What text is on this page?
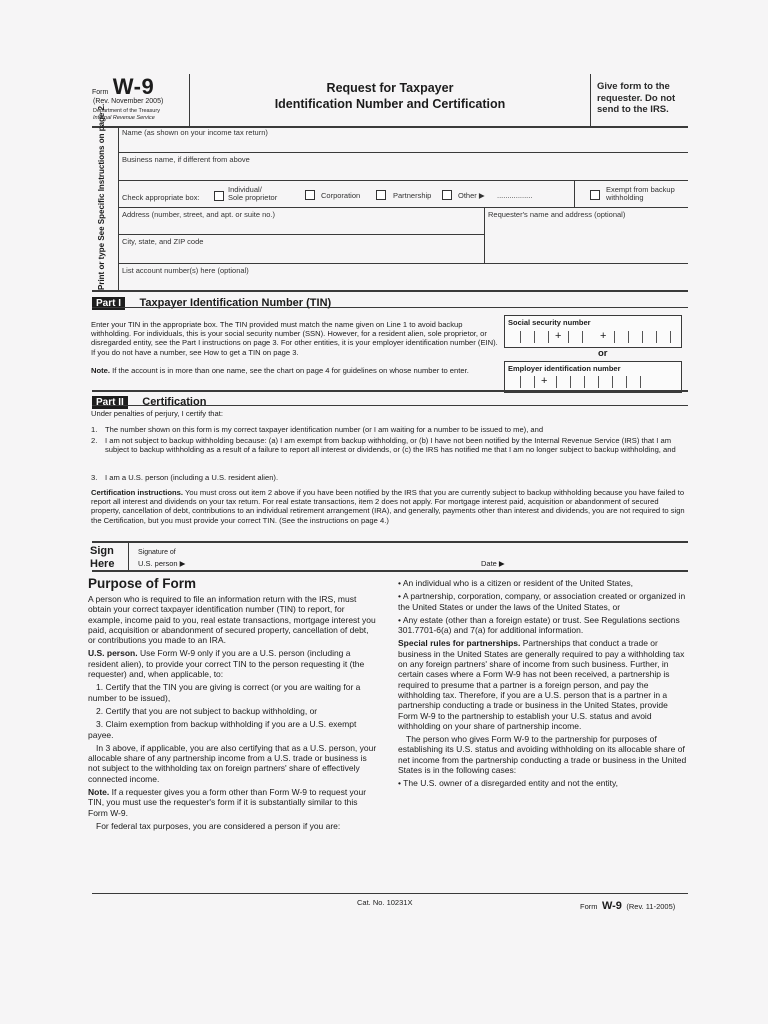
Form W-9
(Rev. November 2005)
Department of the Treasury
Internal Revenue Service
Request for Taxpayer
Identification Number and Certification
Give form to the requester. Do not send to the IRS.
Print or type See Specific Instructions on page 2. Name (as shown on your income tax return)
Business name, if different from above
Check appropriate box:
Individual/
Sole proprietor	Corporation	Partnership	Other ▶ .................
Exempt from backup withholding
Address (number, street, and apt. or suite no.)	Requester's name and address (optional)
City, state, and ZIP code
List account number(s) here (optional)
Part I Taxpayer Identification Number (TIN)
Enter your TIN in the appropriate box. The TIN provided must match the name given on Line 1 to avoid backup withholding. For individuals, this is your social security number (SSN). However, for a resident alien, sole proprietor, or disregarded entity, see the Part I instructions on page 3. For other entities, it is your employer identification number (EIN). If you do not have a number, see How to get a TIN on page 3.
Note. If the account is in more than one name, see the chart on page 4 for guidelines on whose number to enter.
Social security number
+	+
or
Employer identification number
+
Part II Certification
Under penalties of perjury, I certify that:
1. The number shown on this form is my correct taxpayer identification number (or I am waiting for a number to be issued to me), and
2.	I am not subject to backup withholding because: (a) I am exempt from backup withholding, or (b) I have not been notified by the Internal Revenue Service (IRS) that I am subject to backup withholding as a result of a failure to report all interest or dividends, or (c) the IRS has notified me that I am no longer subject to backup withholding, and
3. I am a U.S. person (including a U.S. resident alien).
Certification instructions. You must cross out item 2 above if you have been notified by the IRS that you are currently subject to backup withholding because you have failed to report all interest and dividends on your tax return. For real estate transactions, item 2 does not apply. For mortgage interest paid, acquisition or abandonment of secured property, cancellation of debt, contributions to an individual retirement arrangement (IRA), and generally, payments other than interest and dividends, you are not required to sign the Certification, but you must provide your correct TIN. (See the instructions on page 4.)
Sign Here
Signature of
U.S. person ▶	Date ▶
Purpose of Form

A person who is required to file an information return with the IRS, must obtain your correct taxpayer identification number (TIN) to report, for example, income paid to you, real estate transactions, mortgage interest you paid, acquisition or abandonment of secured property, cancellation of debt, or contributions you made to an IRA.

U.S. person. Use Form W-9 only if you are a U.S. person (including a resident alien), to provide your correct TIN to the person requesting it (the requester) and, when applicable, to:

1. Certify that the TIN you are giving is correct (or you are waiting for a number to be issued),

2. Certify that you are not subject to backup withholding, or

3. Claim exemption from backup withholding if you are a U.S. exempt payee.

In 3 above, if applicable, you are also certifying that as a U.S. person, your allocable share of any partnership income from a U.S. trade or business is not subject to the withholding tax on foreign partners' share of effectively connected income.

Note. If a requester gives you a form other than Form W-9 to request your TIN, you must use the requester's form if it is substantially similar to this Form W-9.

For federal tax purposes, you are considered a person if you are:

• An individual who is a citizen or resident of the United States,

• A partnership, corporation, company, or association created or organized in the United States or under the laws of the United States, or

• Any estate (other than a foreign estate) or trust. See Regulations sections 301.7701-6(a) and 7(a) for additional information.

Special rules for partnerships. Partnerships that conduct a trade or business in the United States are generally required to pay a withholding tax on any foreign partners' share of income from such business. Further, in certain cases where a Form W-9 has not been received, a partnership is required to presume that a partner is a foreign person, and pay the withholding tax. Therefore, if you are a U.S. person that is a partner in a partnership conducting a trade or business in the United States, provide Form W-9 to the partnership to establish your U.S. status and avoid withholding on your share of partnership income.

The person who gives Form W-9 to the partnership for purposes of establishing its U.S. status and avoiding withholding on its allocable share of net income from the partnership conducting a trade or business in the United States is in the following cases:

• The U.S. owner of a disregarded entity and not the entity,

Cat. No. 10231X	Form W-9 (Rev. 11-2005)
